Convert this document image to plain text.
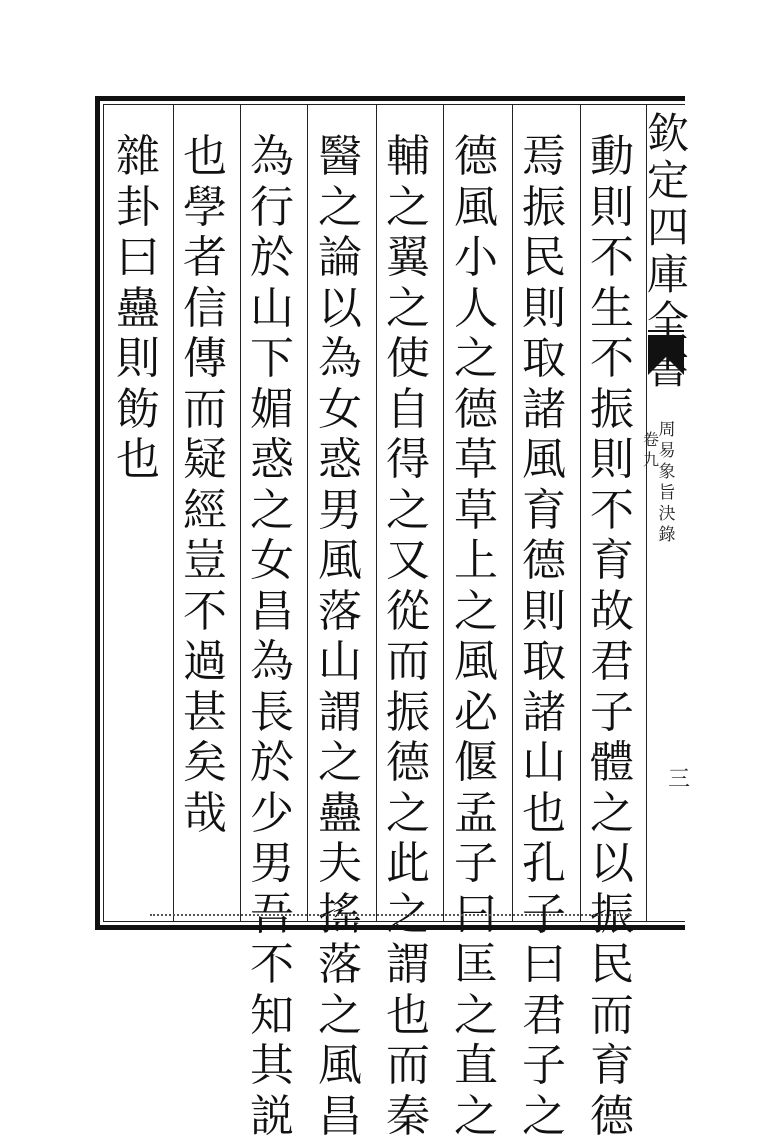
動
則
不
生
不
振
則
不
育
故
君
子
體
之
以
振
民
而
育
德
焉
振
民
則
取
諸
風
育
德
則
取
諸
山
也
孔
子
曰
君
子
之
德
風
小
人
之
德
草
草
上
之
風
必
偃
孟
子
曰
匡
之
直
之
輔
之
翼
之
使
自
得
之
又
從
而
振
德
之
此
之
謂
也
而
秦
醫
之
論
以
為
女
惑
男
風
落
山
謂
之
蠱
夫
搖
落
之
風
昌
為
行
於
山
下
媚
惑
之
女
昌
為
長
於
少
男
吾
不
知
其
説
也
學
者
信
傳
而
疑
經
豈
不
過
甚
矣
哉
雜
卦
曰
蠱
則
飭
也
欽
定
四
庫
全
書
周
易
象
旨
決
錄
卷
九
三
